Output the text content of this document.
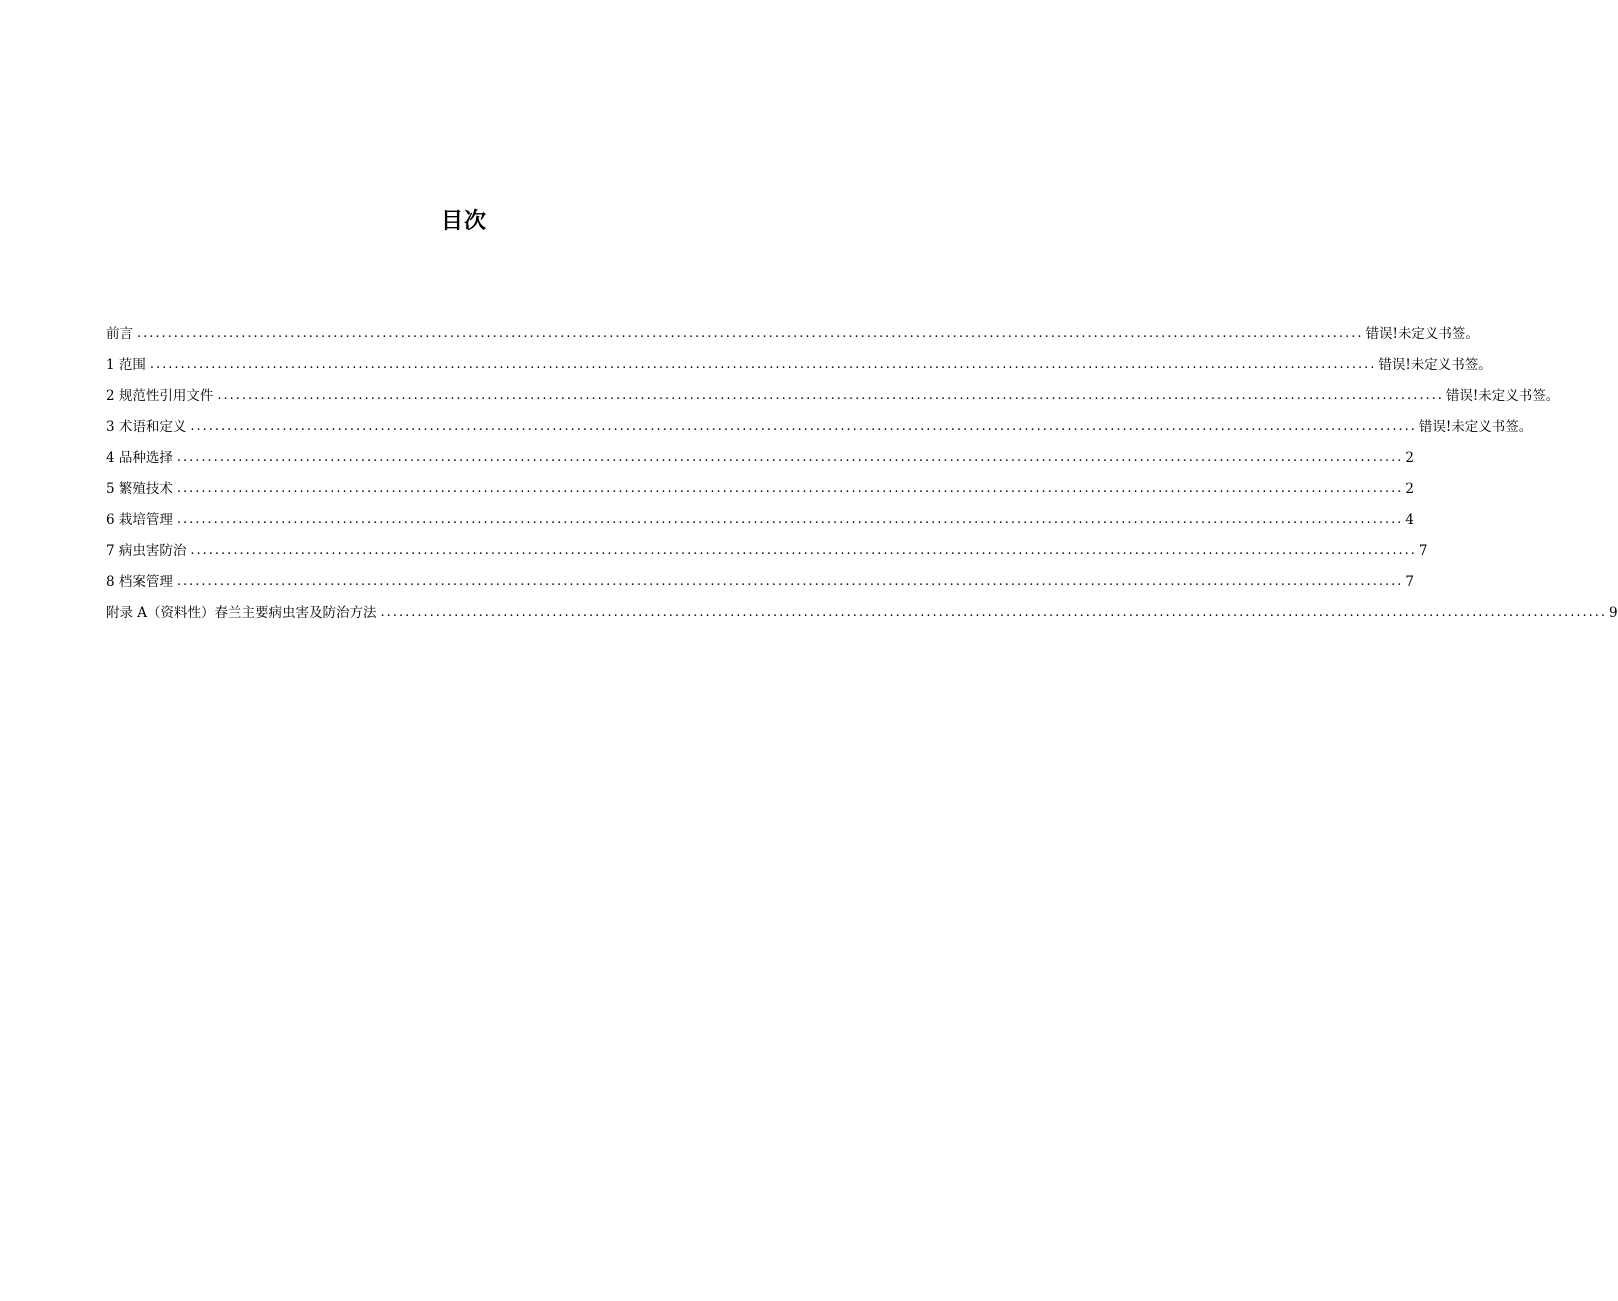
目次
前言 ........................................................................................................................................................................................................ 错误!未定义书签。
1 范围 ........................................................................................................................................................................................................ 错误!未定义书签。
2 规范性引用文件 ........................................................................................................................................................................................................ 错误!未定义书签。
3 术语和定义 ........................................................................................................................................................................................................ 错误!未定义书签。
4 品种选择 ........................................................................................................................................................................................................ 2
5 繁殖技术 ........................................................................................................................................................................................................ 2
6 栽培管理 ........................................................................................................................................................................................................ 4
7 病虫害防治 ........................................................................................................................................................................................................ 7
8 档案管理 ........................................................................................................................................................................................................ 7
附录 A（资料性）春兰主要病虫害及防治方法 ........................................................................................................................................................................................................ 9
